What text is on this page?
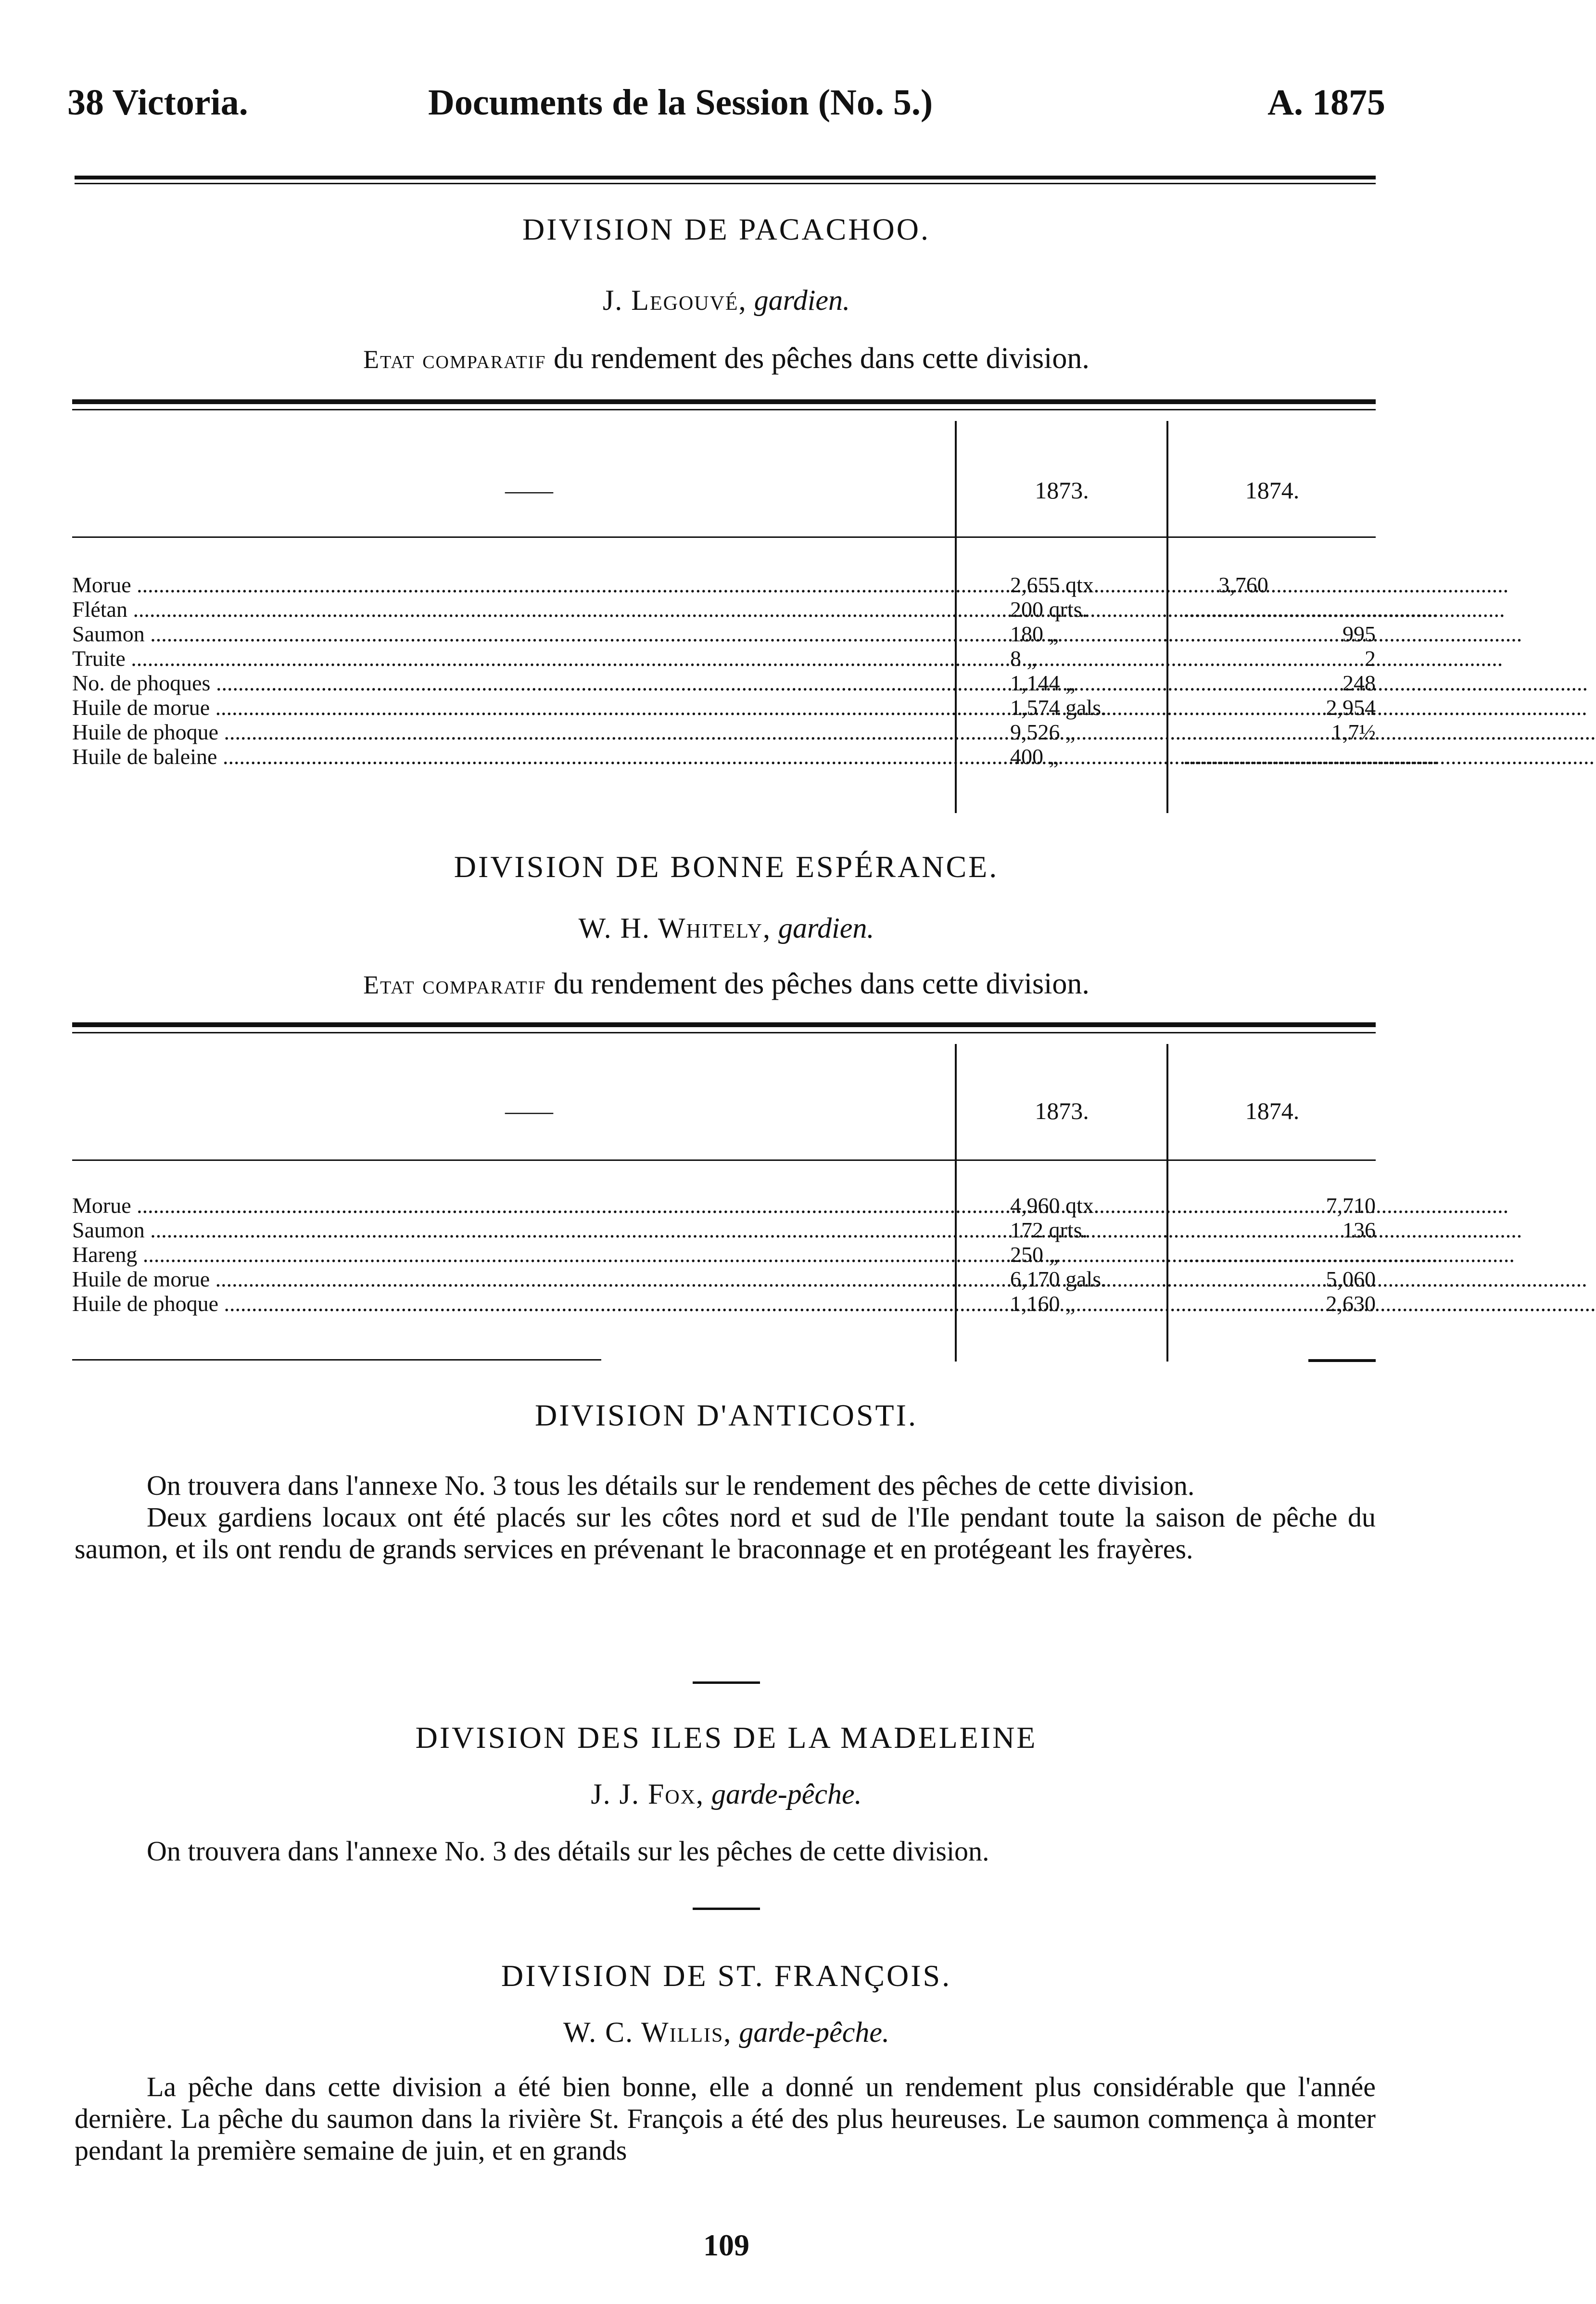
38 Victoria.	Documents de la Session (No. 5.)	A. 1875
DIVISION DE PACACHOO.
J. Legouvé, gardien.
Etat comparatif du rendement des pêches dans cette division.
——	1873.	1874.
Morue .....	2,655 qtx.	3,760
Flétan .....	200 qrts.	..............................................
Saumon .....	180 „	995
Truite .....	8 „	2
No. de phoques .....	1,144 „	248
Huile de morue .....	1,574 gals.	2,954
Huile de phoque .....	9,526 „	1,7½
Huile de baleine .....	400 „	..............................................
DIVISION DE BONNE ESPÉRANCE.
W. H. Whitely, gardien.
Etat comparatif du rendement des pêches dans cette division.
——	1873.	1874.
Morue .....	4,960 qtx.	7,710
Saumon .....	172 qrts.	136
Hareng .....	250 „	..............................................
Huile de morue .....	6,170 gals.	5,060
Huile de phoque .....	1,160 „	2,630
DIVISION D'ANTICOSTI.

On trouvera dans l'annexe No. 3 tous les détails sur le rendement des pêches de cette division.

Deux gardiens locaux ont été placés sur les côtes nord et sud de l'Ile pendant toute la saison de pêche du saumon, et ils ont rendu de grands services en prévenant le braconnage et en protégeant les frayères.

DIVISION DES ILES DE LA MADELEINE
J. J. Fox, garde-pêche.

On trouvera dans l'annexe No. 3 des détails sur les pêches de cette division.

DIVISION DE ST. FRANÇOIS.
W. C. Willis, garde-pêche.

La pêche dans cette division a été bien bonne, elle a donné un rendement plus considérable que l'année dernière. La pêche du saumon dans la rivière St. François a été des plus heureuses. Le saumon commença à monter pendant la première semaine de juin, et en grands

109
